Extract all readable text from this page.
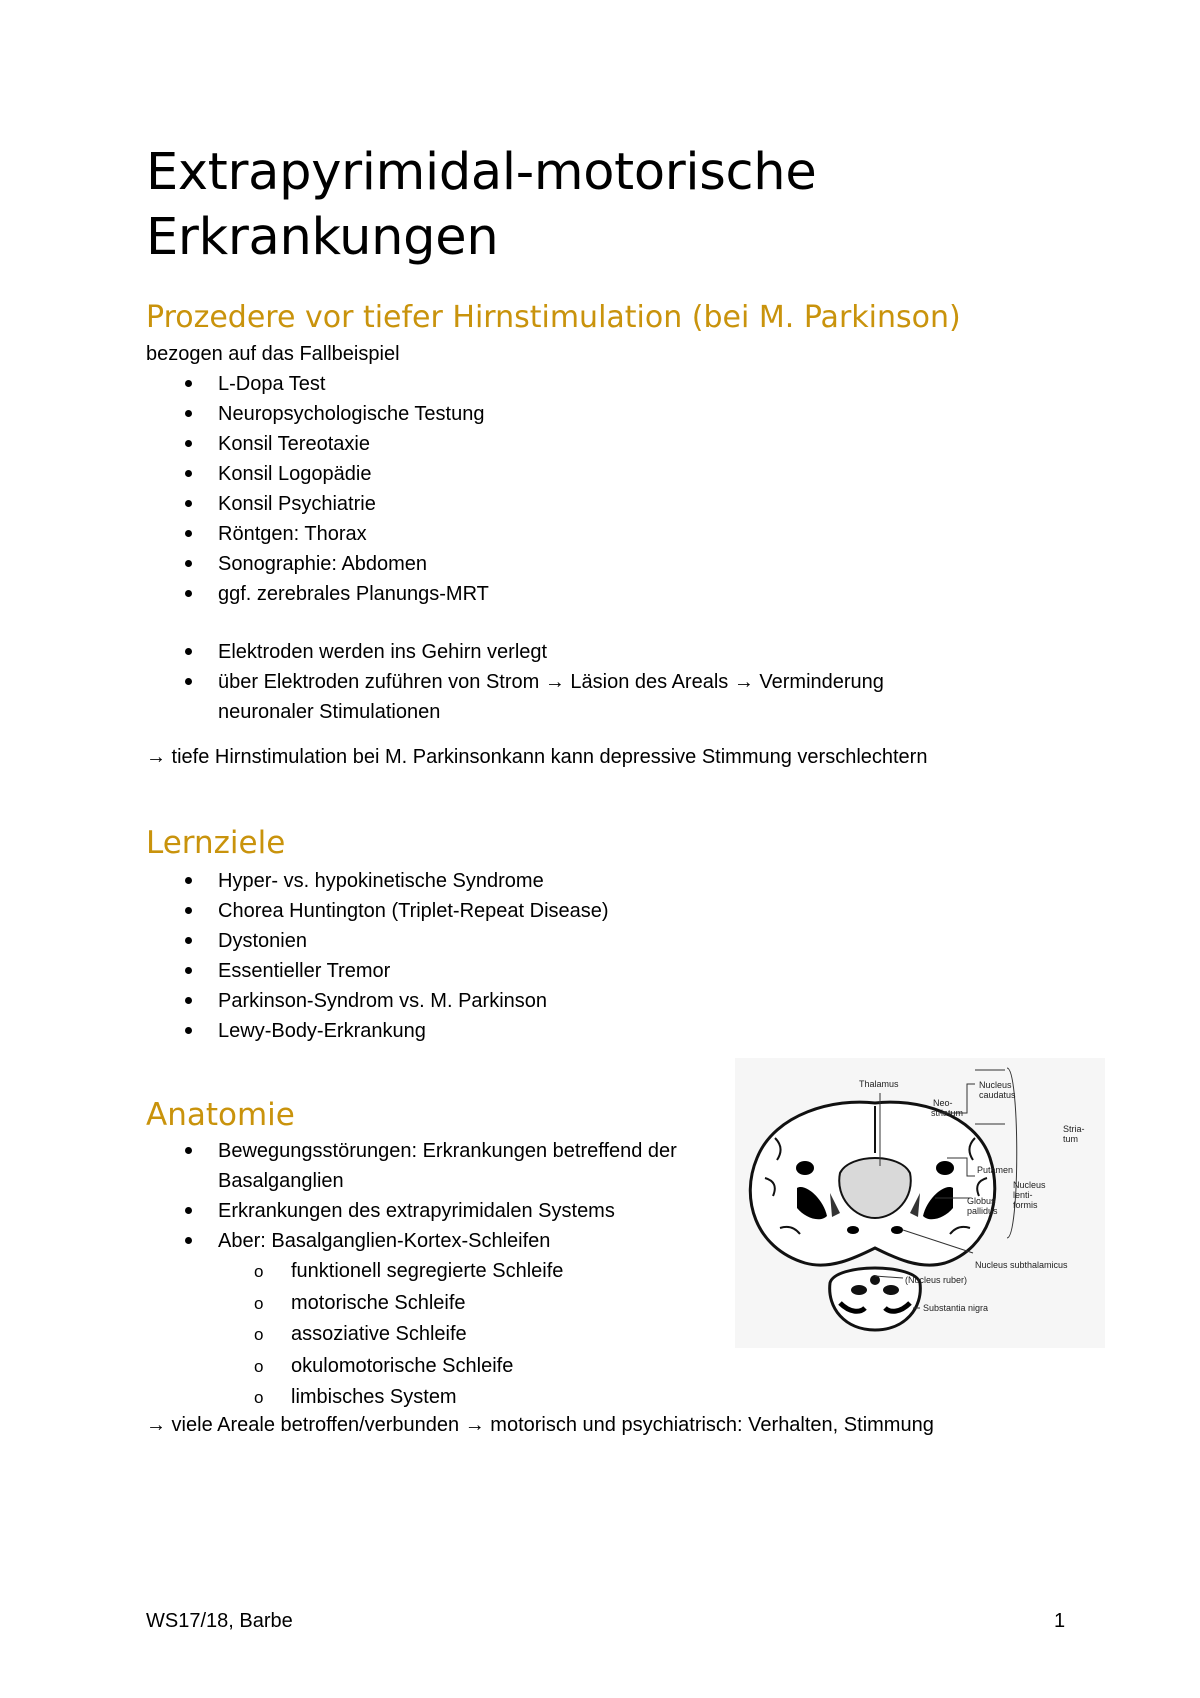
Extrapyrimidal-motorische Erkrankungen
Prozedere vor tiefer Hirnstimulation (bei M. Parkinson)
bezogen auf das Fallbeispiel
L-Dopa Test
Neuropsychologische Testung
Konsil Tereotaxie
Konsil Logopädie
Konsil Psychiatrie
Röntgen: Thorax
Sonographie: Abdomen
ggf. zerebrales Planungs-MRT
Elektroden werden ins Gehirn verlegt
über Elektroden zuführen von Strom → Läsion des Areals → Verminderung neuronaler Stimulationen
→ tiefe Hirnstimulation bei M. Parkinsonkann kann depressive Stimmung verschlechtern
Lernziele
Hyper- vs. hypokinetische Syndrome
Chorea Huntington (Triplet-Repeat Disease)
Dystonien
Essentieller Tremor
Parkinson-Syndrom vs. M. Parkinson
Lewy-Body-Erkrankung
Anatomie
Bewegungsstörungen: Erkrankungen betreffend der Basalganglien
Erkrankungen des extrapyrimidalen Systems
Aber: Basalganglien-Kortex-Schleifen
o funktionell segregierte Schleife
o motorische Schleife
o assoziative Schleife
o okulomotorische Schleife
o limbisches System
→ viele Areale betroffen/verbunden → motorisch und psychiatrisch: Verhalten, Stimmung
Thalamus
Neo-striatum
Nucleus caudatus
Stria-tum
Putamen
Nucleus lenti-formis
Globus pallidus
Nucleus subthalamicus
(Nucleus ruber)
Substantia nigra
WS17/18, Barbe	1
